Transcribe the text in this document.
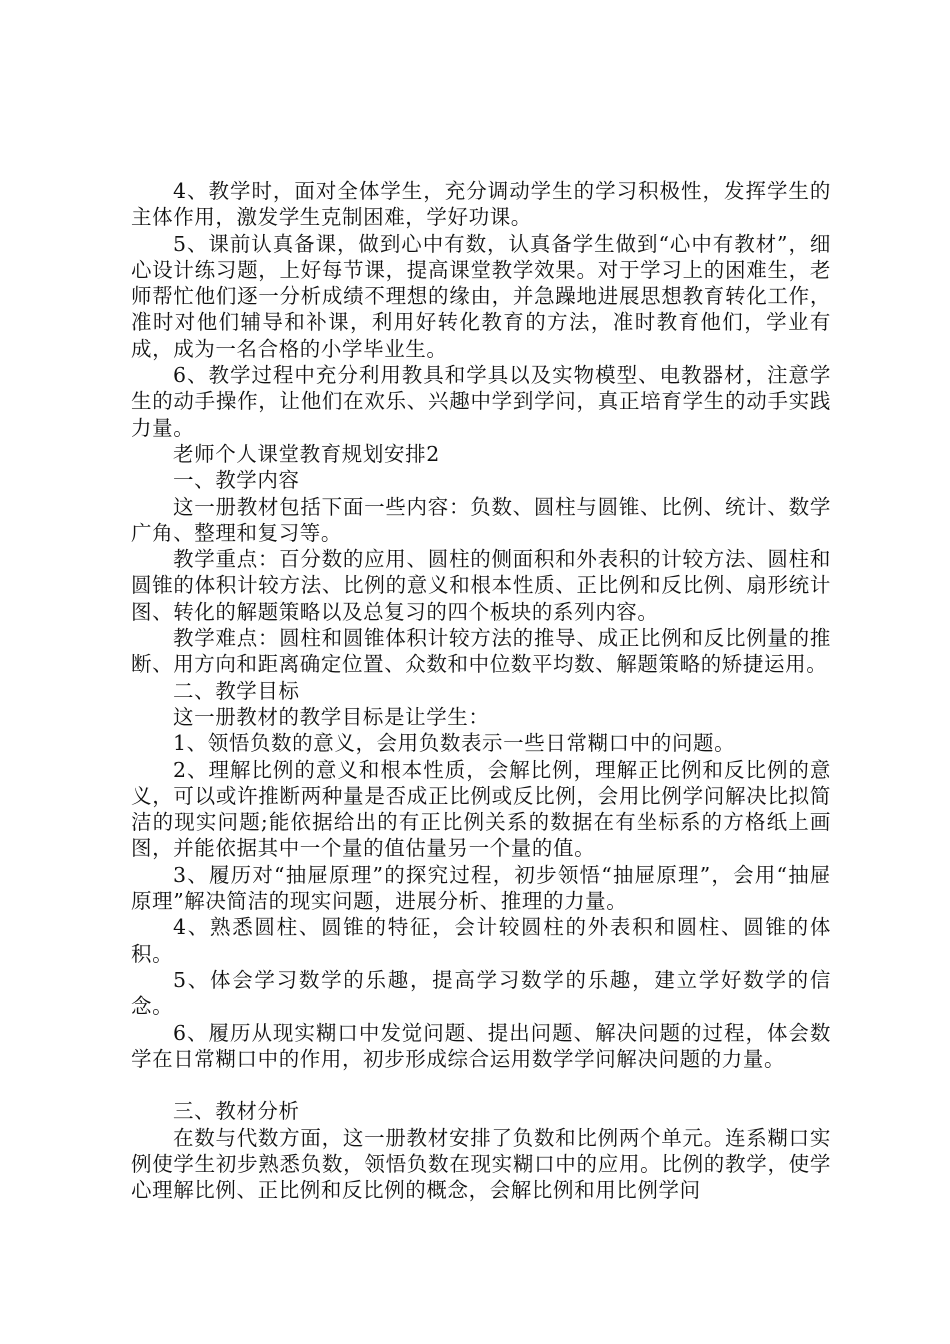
4、教学时，面对全体学生，充分调动学生的学习积极性，发挥学生的主体作用，激发学生克制困难，学好功课。

5、课前认真备课，做到心中有数，认真备学生做到“心中有教材”，细心设计练习题，上好每节课，提高课堂教学效果。对于学习上的困难生，老师帮忙他们逐一分析成绩不理想的缘由，并急躁地进展思想教育转化工作，准时对他们辅导和补课，利用好转化教育的方法，准时教育他们，学业有成，成为一名合格的小学毕业生。

6、教学过程中充分利用教具和学具以及实物模型、电教器材，注意学生的动手操作，让他们在欢乐、兴趣中学到学问，真正培育学生的动手实践力量。

老师个人课堂教育规划安排2

一、教学内容

这一册教材包括下面一些内容：负数、圆柱与圆锥、比例、统计、数学广角、整理和复习等。

教学重点：百分数的应用、圆柱的侧面积和外表积的计较方法、圆柱和圆锥的体积计较方法、比例的意义和根本性质、正比例和反比例、扇形统计图、转化的解题策略以及总复习的四个板块的系列内容。

教学难点：圆柱和圆锥体积计较方法的推导、成正比例和反比例量的推断、用方向和距离确定位置、众数和中位数平均数、解题策略的矫捷运用。

二、教学目标

这一册教材的教学目标是让学生：

1、领悟负数的意义，会用负数表示一些日常糊口中的问题。

2、理解比例的意义和根本性质，会解比例，理解正比例和反比例的意义，可以或许推断两种量是否成正比例或反比例，会用比例学问解决比拟简洁的现实问题;能依据给出的有正比例关系的数据在有坐标系的方格纸上画图，并能依据其中一个量的值估量另一个量的值。

3、履历对“抽屉原理”的探究过程，初步领悟“抽屉原理”，会用“抽屉原理”解决简洁的现实问题，进展分析、推理的力量。

4、熟悉圆柱、圆锥的特征，会计较圆柱的外表积和圆柱、圆锥的体积。

5、体会学习数学的乐趣，提高学习数学的乐趣，建立学好数学的信念。

6、履历从现实糊口中发觉问题、提出问题、解决问题的过程，体会数学在日常糊口中的作用，初步形成综合运用数学学问解决问题的力量。

三、教材分析

在数与代数方面，这一册教材安排了负数和比例两个单元。连系糊口实例使学生初步熟悉负数，领悟负数在现实糊口中的应用。比例的教学，使学心理解比例、正比例和反比例的概念，会解比例和用比例学问
